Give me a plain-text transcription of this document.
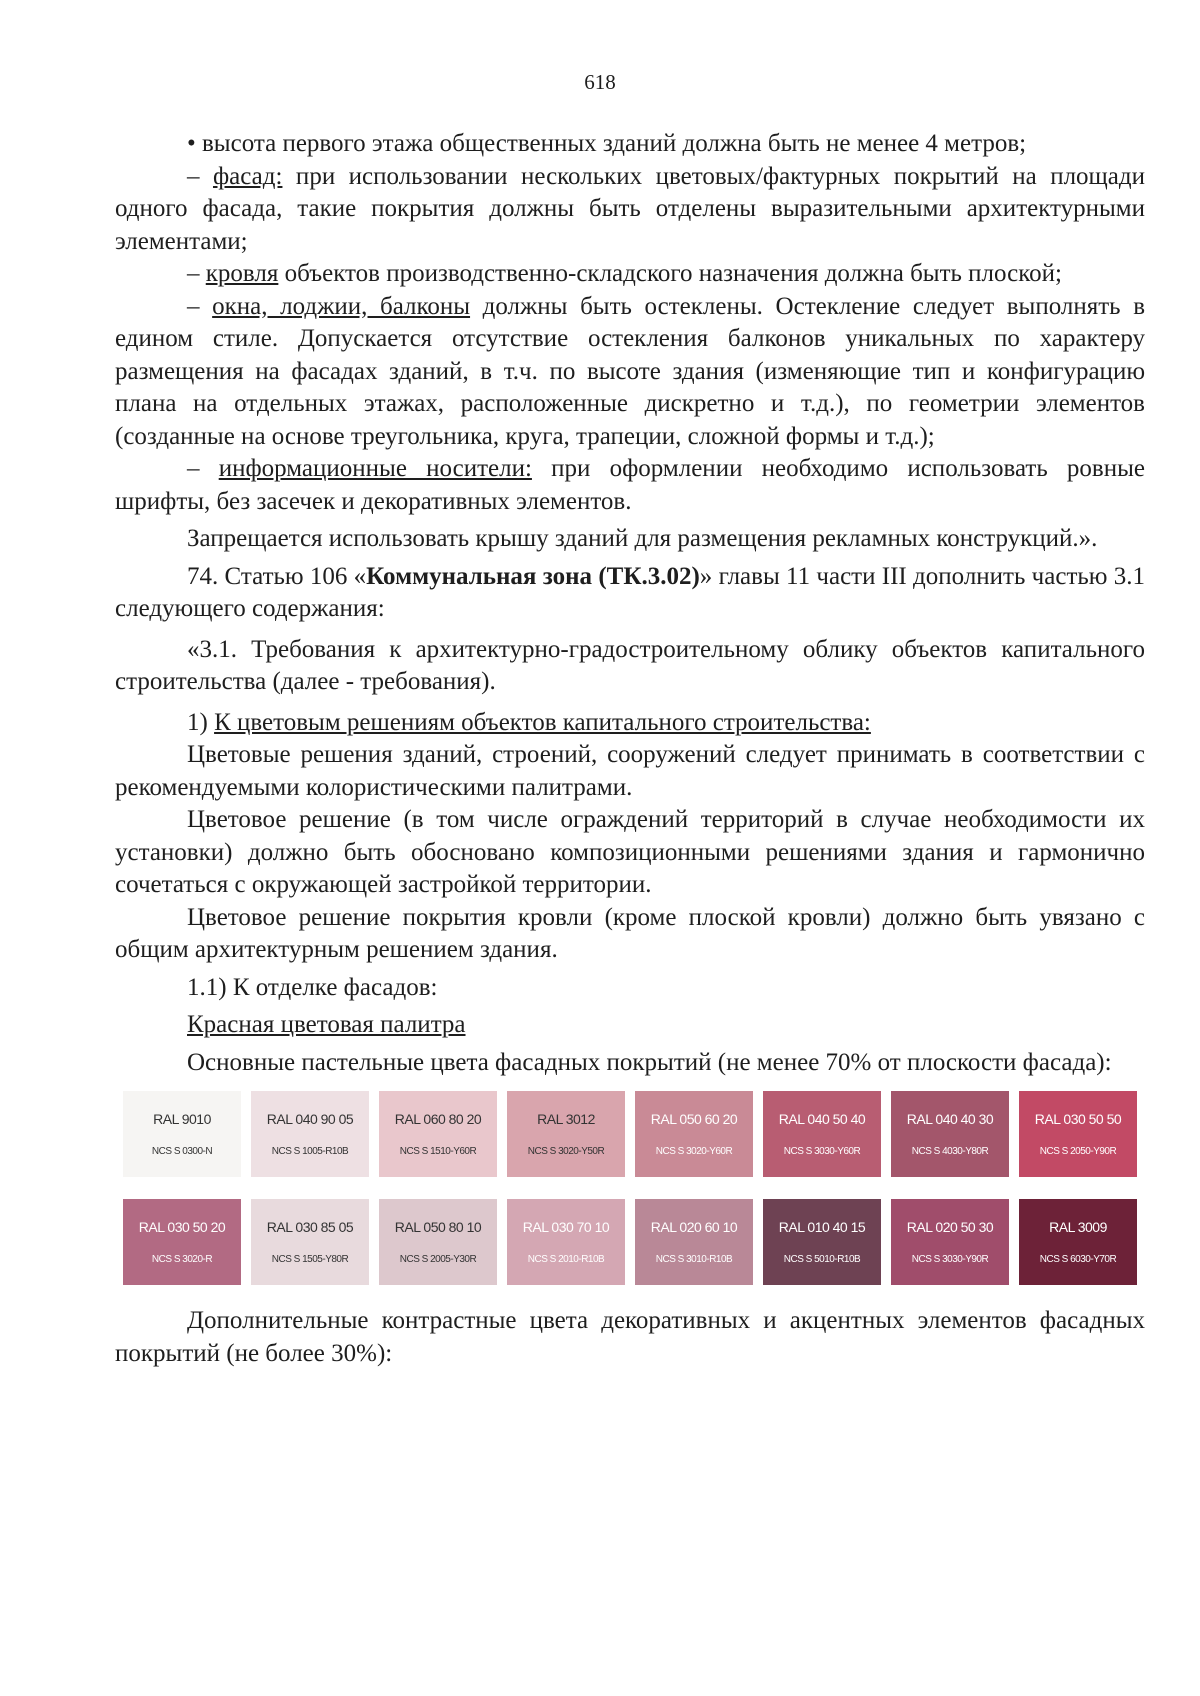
618

• высота первого этажа общественных зданий должна быть не менее 4 метров;

– фасад: при использовании нескольких цветовых/фактурных покрытий на площади одного фасада, такие покрытия должны быть отделены выразительными архитектурными элементами;

– кровля объектов производственно-складского назначения должна быть плоской;

– окна, лоджии, балконы должны быть остеклены. Остекление следует выполнять в едином стиле. Допускается отсутствие остекления балконов уникальных по характеру размещения на фасадах зданий, в т.ч. по высоте здания (изменяющие тип и конфигурацию плана на отдельных этажах, расположенные дискретно и т.д.), по геометрии элементов (созданные на основе треугольника, круга, трапеции, сложной формы и т.д.);

– информационные носители: при оформлении необходимо использовать ровные шрифты, без засечек и декоративных элементов.

Запрещается использовать крышу зданий для размещения рекламных конструкций.».

74. Статью 106 «Коммунальная зона (ТК.3.02)» главы 11 части III дополнить частью 3.1 следующего содержания:

«3.1. Требования к архитектурно-градостроительному облику объектов капитального строительства (далее - требования).

1) К цветовым решениям объектов капитального строительства:

Цветовые решения зданий, строений, сооружений следует принимать в соответствии с рекомендуемыми колористическими палитрами.

Цветовое решение (в том числе ограждений территорий в случае необходимости их установки) должно быть обосновано композиционными решениями здания и гармонично сочетаться с окружающей застройкой территории.

Цветовое решение покрытия кровли (кроме плоской кровли) должно быть увязано с общим архитектурным решением здания.

1.1) К отделке фасадов:

Красная цветовая палитра

Основные пастельные цвета фасадных покрытий (не менее 70% от плоскости фасада):

RAL 9010
NCS S 0300-N
RAL 040 90 05
NCS S 1005-R10B
RAL 060 80 20
NCS S 1510-Y60R
RAL 3012
NCS S 3020-Y50R
RAL 050 60 20
NCS S 3020-Y60R
RAL 040 50 40
NCS S 3030-Y60R
RAL 040 40 30
NCS S 4030-Y80R
RAL 030 50 50
NCS S 2050-Y90R
RAL 030 50 20
NCS S 3020-R
RAL 030 85 05
NCS S 1505-Y80R
RAL 050 80 10
NCS S 2005-Y30R
RAL 030 70 10
NCS S 2010-R10B
RAL 020 60 10
NCS S 3010-R10B
RAL 010 40 15
NCS S 5010-R10B
RAL 020 50 30
NCS S 3030-Y90R
RAL 3009
NCS S 6030-Y70R

Дополнительные контрастные цвета декоративных и акцентных элементов фасадных покрытий (не более 30%):
